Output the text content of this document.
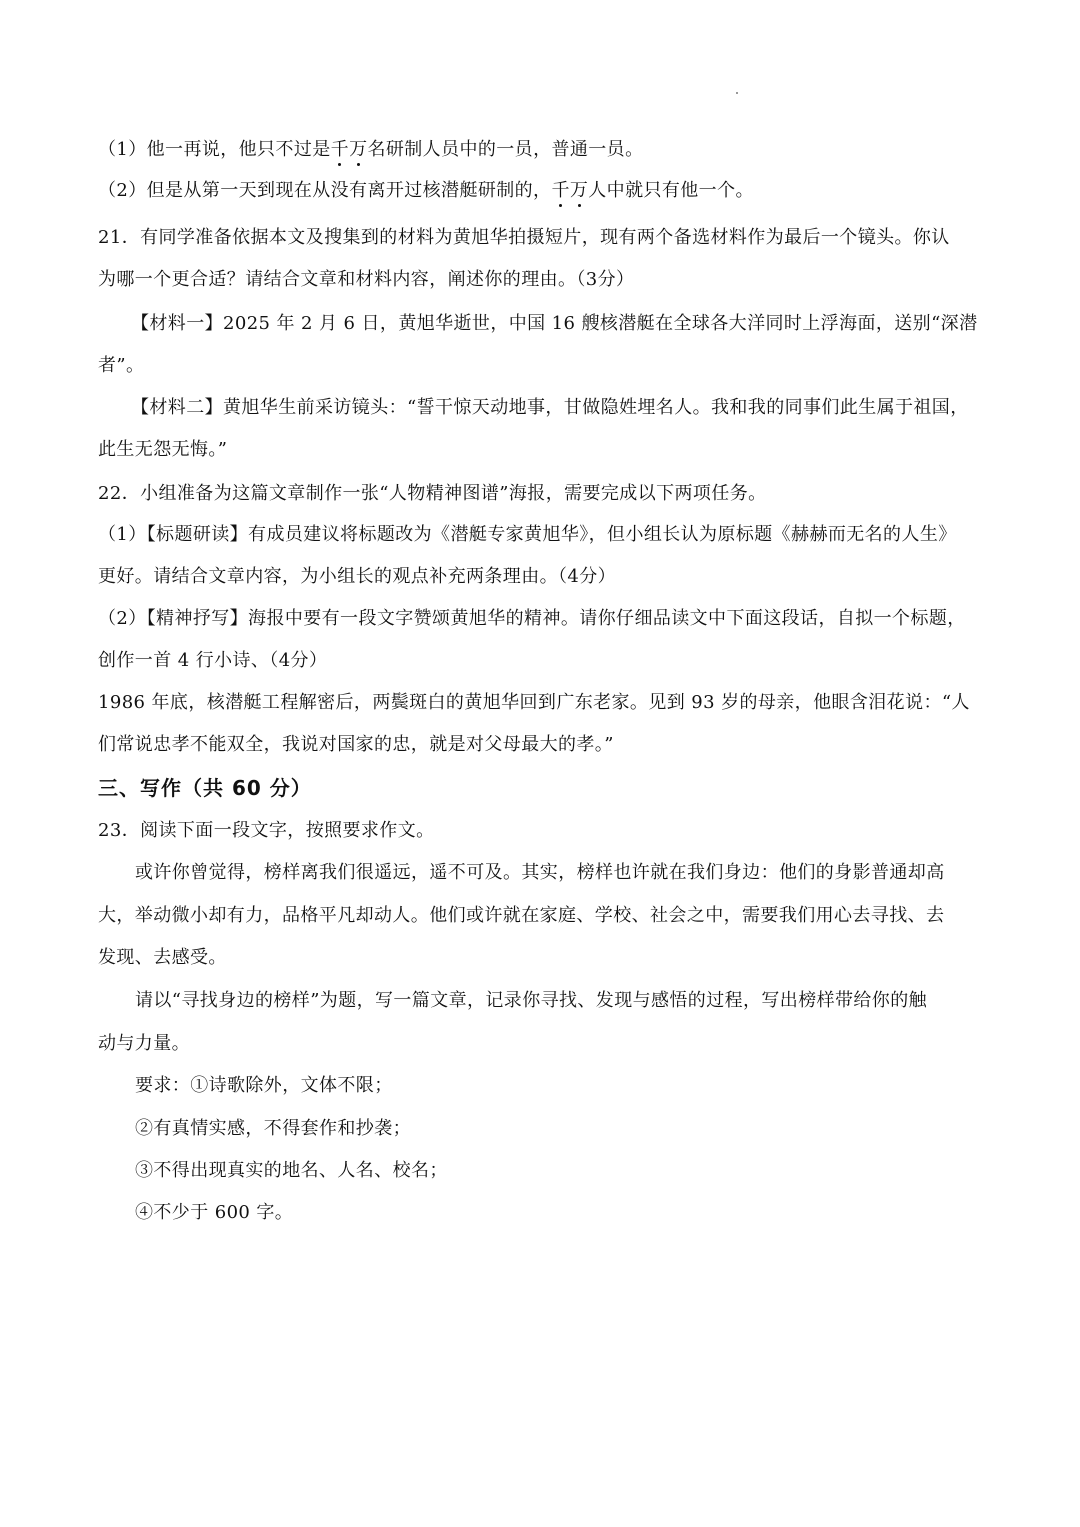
（1）他一再说，他只不过是千万名研制人员中的一员，普通一员。
（2）但是从第一天到现在从没有离开过核潜艇研制的，千万人中就只有他一个。
21．有同学准备依据本文及搜集到的材料为黄旭华拍摄短片，现有两个备选材料作为最后一个镜头。你认
为哪一个更合适？请结合文章和材料内容，阐述你的理由。（3分）
【材料一】2025 年 2 月 6 日，黄旭华逝世，中国 16 艘核潜艇在全球各大洋同时上浮海面，送别“深潜
者”。
【材料二】黄旭华生前采访镜头：“誓干惊天动地事，甘做隐姓埋名人。我和我的同事们此生属于祖国，
此生无怨无悔。”
22．小组准备为这篇文章制作一张“人物精神图谱”海报，需要完成以下两项任务。
（1）【标题研读】有成员建议将标题改为《潜艇专家黄旭华》，但小组长认为原标题《赫赫而无名的人生》
更好。请结合文章内容，为小组长的观点补充两条理由。（4分）
（2）【精神抒写】海报中要有一段文字赞颂黄旭华的精神。请你仔细品读文中下面这段话，自拟一个标题，
创作一首 4 行小诗、（4分）
1986 年底，核潜艇工程解密后，两鬓斑白的黄旭华回到广东老家。见到 93 岁的母亲，他眼含泪花说：“人
们常说忠孝不能双全，我说对国家的忠，就是对父母最大的孝。”
三、写作（共 60 分）
23．阅读下面一段文字，按照要求作文。
或许你曾觉得，榜样离我们很遥远，遥不可及。其实，榜样也许就在我们身边：他们的身影普通却高
大，举动微小却有力，品格平凡却动人。他们或许就在家庭、学校、社会之中，需要我们用心去寻找、去
发现、去感受。
请以“寻找身边的榜样”为题，写一篇文章，记录你寻找、发现与感悟的过程，写出榜样带给你的触
动与力量。
要求：①诗歌除外，文体不限；
②有真情实感，不得套作和抄袭；
③不得出现真实的地名、人名、校名；
④不少于 600 字。
